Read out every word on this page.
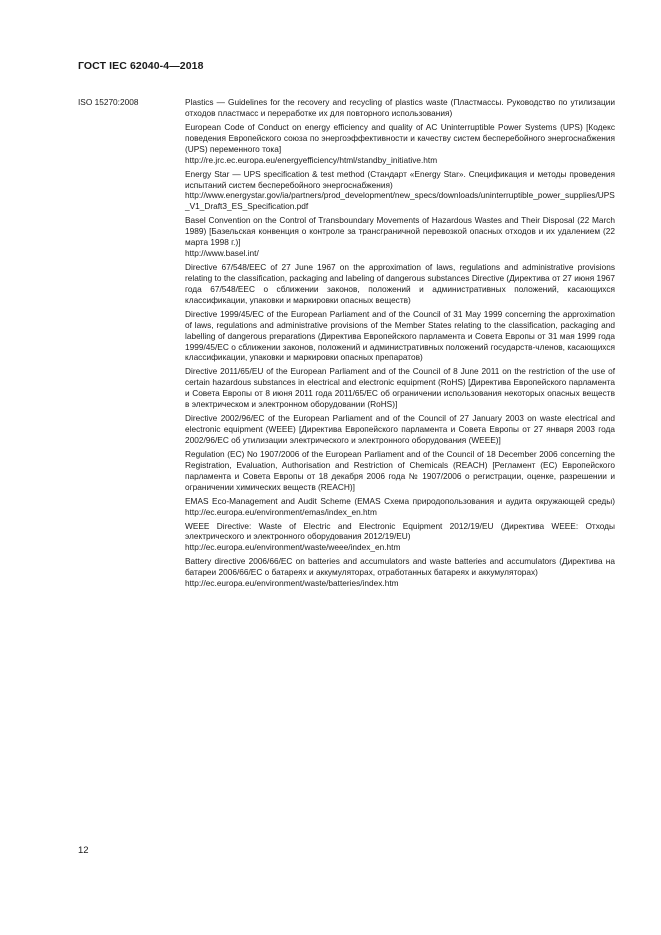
ГОСТ IEC 62040-4—2018
ISO 15270:2008	Plastics — Guidelines for the recovery and recycling of plastics waste (Пластмассы. Руководство по утилизации отходов пластмасс и переработке их для повторного использования)
European Code of Conduct on energy efficiency and quality of AC Uninterruptible Power Systems (UPS) [Кодекс поведения Европейского союза по энергоэффективности и качеству систем бесперебойного энергоснабжения (UPS) переменного тока]
http://re.jrc.ec.europa.eu/energyefficiency/html/standby_initiative.htm
Energy Star — UPS specification & test method (Стандарт «Energy Star». Спецификация и методы проведения испытаний систем бесперебойного энергоснабжения)
http://www.energystar.gov/ia/partners/prod_development/new_specs/downloads/uninterruptible_power_supplies/UPS_V1_Draft3_ES_Specification.pdf
Basel Convention on the Control of Transboundary Movements of Hazardous Wastes and Their Disposal (22 March 1989) [Базельская конвенция о контроле за трансграничной перевозкой опасных отходов и их удалением (22 марта 1998 г.)]
http://www.basel.int/
Directive 67/548/EEC of 27 June 1967 on the approximation of laws, regulations and administrative provisions relating to the classification, packaging and labeling of dangerous substances Directive (Директива от 27 июня 1967 года 67/548/EEC о сближении законов, положений и административных положений, касающихся классификации, упаковки и маркировки опасных веществ)
Directive 1999/45/EC of the European Parliament and of the Council of 31 May 1999 concerning the approximation of laws, regulations and administrative provisions of the Member States relating to the classification, packaging and labelling of dangerous preparations (Директива Европейского парламента и Совета Европы от 31 мая 1999 года 1999/45/EC о сближении законов, положений и административных положений государств-членов, касающихся классификации, упаковки и маркировки опасных препаратов)
Directive 2011/65/EU of the European Parliament and of the Council of 8 June 2011 on the restriction of the use of certain hazardous substances in electrical and electronic equipment (RoHS) [Директива Европейского парламента и Совета Европы от 8 июня 2011 года 2011/65/EC об ограничении использования некоторых опасных веществ в электрическом и электронном оборудовании (RoHS)]
Directive 2002/96/EC of the European Parliament and of the Council of 27 January 2003 on waste electrical and electronic equipment (WEEE) [Директива Европейского парламента и Совета Европы от 27 января 2003 года 2002/96/EC об утилизации электрического и электронного оборудования (WEEE)]
Regulation (EC) No 1907/2006 of the European Parliament and of the Council of 18 December 2006 concerning the Registration, Evaluation, Authorisation and Restriction of Chemicals (REACH) [Регламент (ЕС) Европейского парламента и Совета Европы от 18 декабря 2006 года № 1907/2006 о регистрации, оценке, разрешении и ограничении химических веществ (REACH)]
EMAS Eco-Management and Audit Scheme (EMAS Схема природопользования и аудита окружающей среды) http://ec.europa.eu/environment/emas/index_en.htm
WEEE Directive: Waste of Electric and Electronic Equipment 2012/19/EU (Директива WEEE: Отходы электрического и электронного оборудования 2012/19/EU)
http://ec.europa.eu/environment/waste/weee/index_en.htm
Battery directive 2006/66/EC on batteries and accumulators and waste batteries and accumulators (Директива на батареи 2006/66/EC о батареях и аккумуляторах, отработанных батареях и аккумуляторах)
http://ec.europa.eu/environment/waste/batteries/index.htm
12
